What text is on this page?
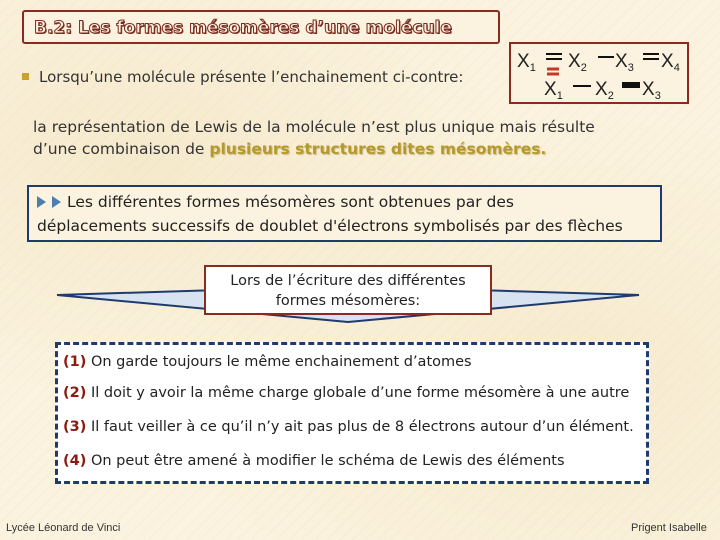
B.2: Les formes mésomères d’une molécule
Lorsqu’une molécule présente l’enchainement ci-contre:
$X_1$ $X_2$ $X_3$ $X_4$
$X_1$ $X_2$ $X_3$
la représentation de Lewis de la molécule n’est plus unique mais résulte
d’une combinaison de plusieurs structures dites mésomères.
Les différentes formes mésomères sont obtenues par des
déplacements successifs de doublet d'électrons symbolisés par des flèches
Lors de l’écriture des différentes
formes mésomères:
(1) On garde toujours le même enchainement d’atomes
(2) Il doit y avoir la même charge globale d’une forme mésomère à une autre
(3) Il faut veiller à ce qu’il n’y ait pas plus de 8 électrons autour d’un élément.
(4) On peut être amené à modifier le schéma de Lewis des éléments
Lycée Léonard de Vinci	Prigent Isabelle
